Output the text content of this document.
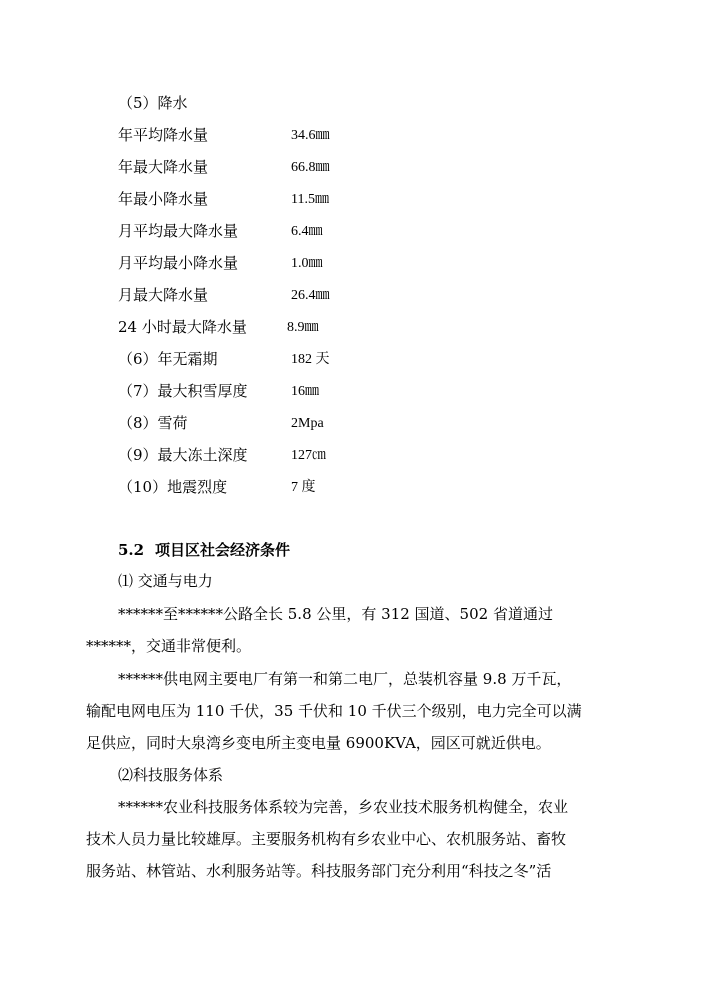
（5）降水
年平均降水量	34.6㎜
年最大降水量	66.8㎜
年最小降水量	11.5㎜
月平均最大降水量	6.4㎜
月平均最小降水量	1.0㎜
月最大降水量	26.4㎜
24 小时最大降水量	8.9㎜
（6）年无霜期	182 天
（7）最大积雪厚度	16㎜
（8）雪荷	2Mpa
（9）最大冻土深度	127㎝
（10）地震烈度	7 度
5.2 项目区社会经济条件
⑴ 交通与电力
******至******公路全长 5.8 公里，有 312 国道、502 省道通过
******，交通非常便利。
******供电网主要电厂有第一和第二电厂，总装机容量 9.8 万千瓦，
输配电网电压为 110 千伏，35 千伏和 10 千伏三个级别，电力完全可以满
足供应，同时大泉湾乡变电所主变电量 6900KVA，园区可就近供电。
⑵科技服务体系
******农业科技服务体系较为完善，乡农业技术服务机构健全，农业
技术人员力量比较雄厚。主要服务机构有乡农业中心、农机服务站、畜牧
服务站、林管站、水利服务站等。科技服务部门充分利用“科技之冬”活
